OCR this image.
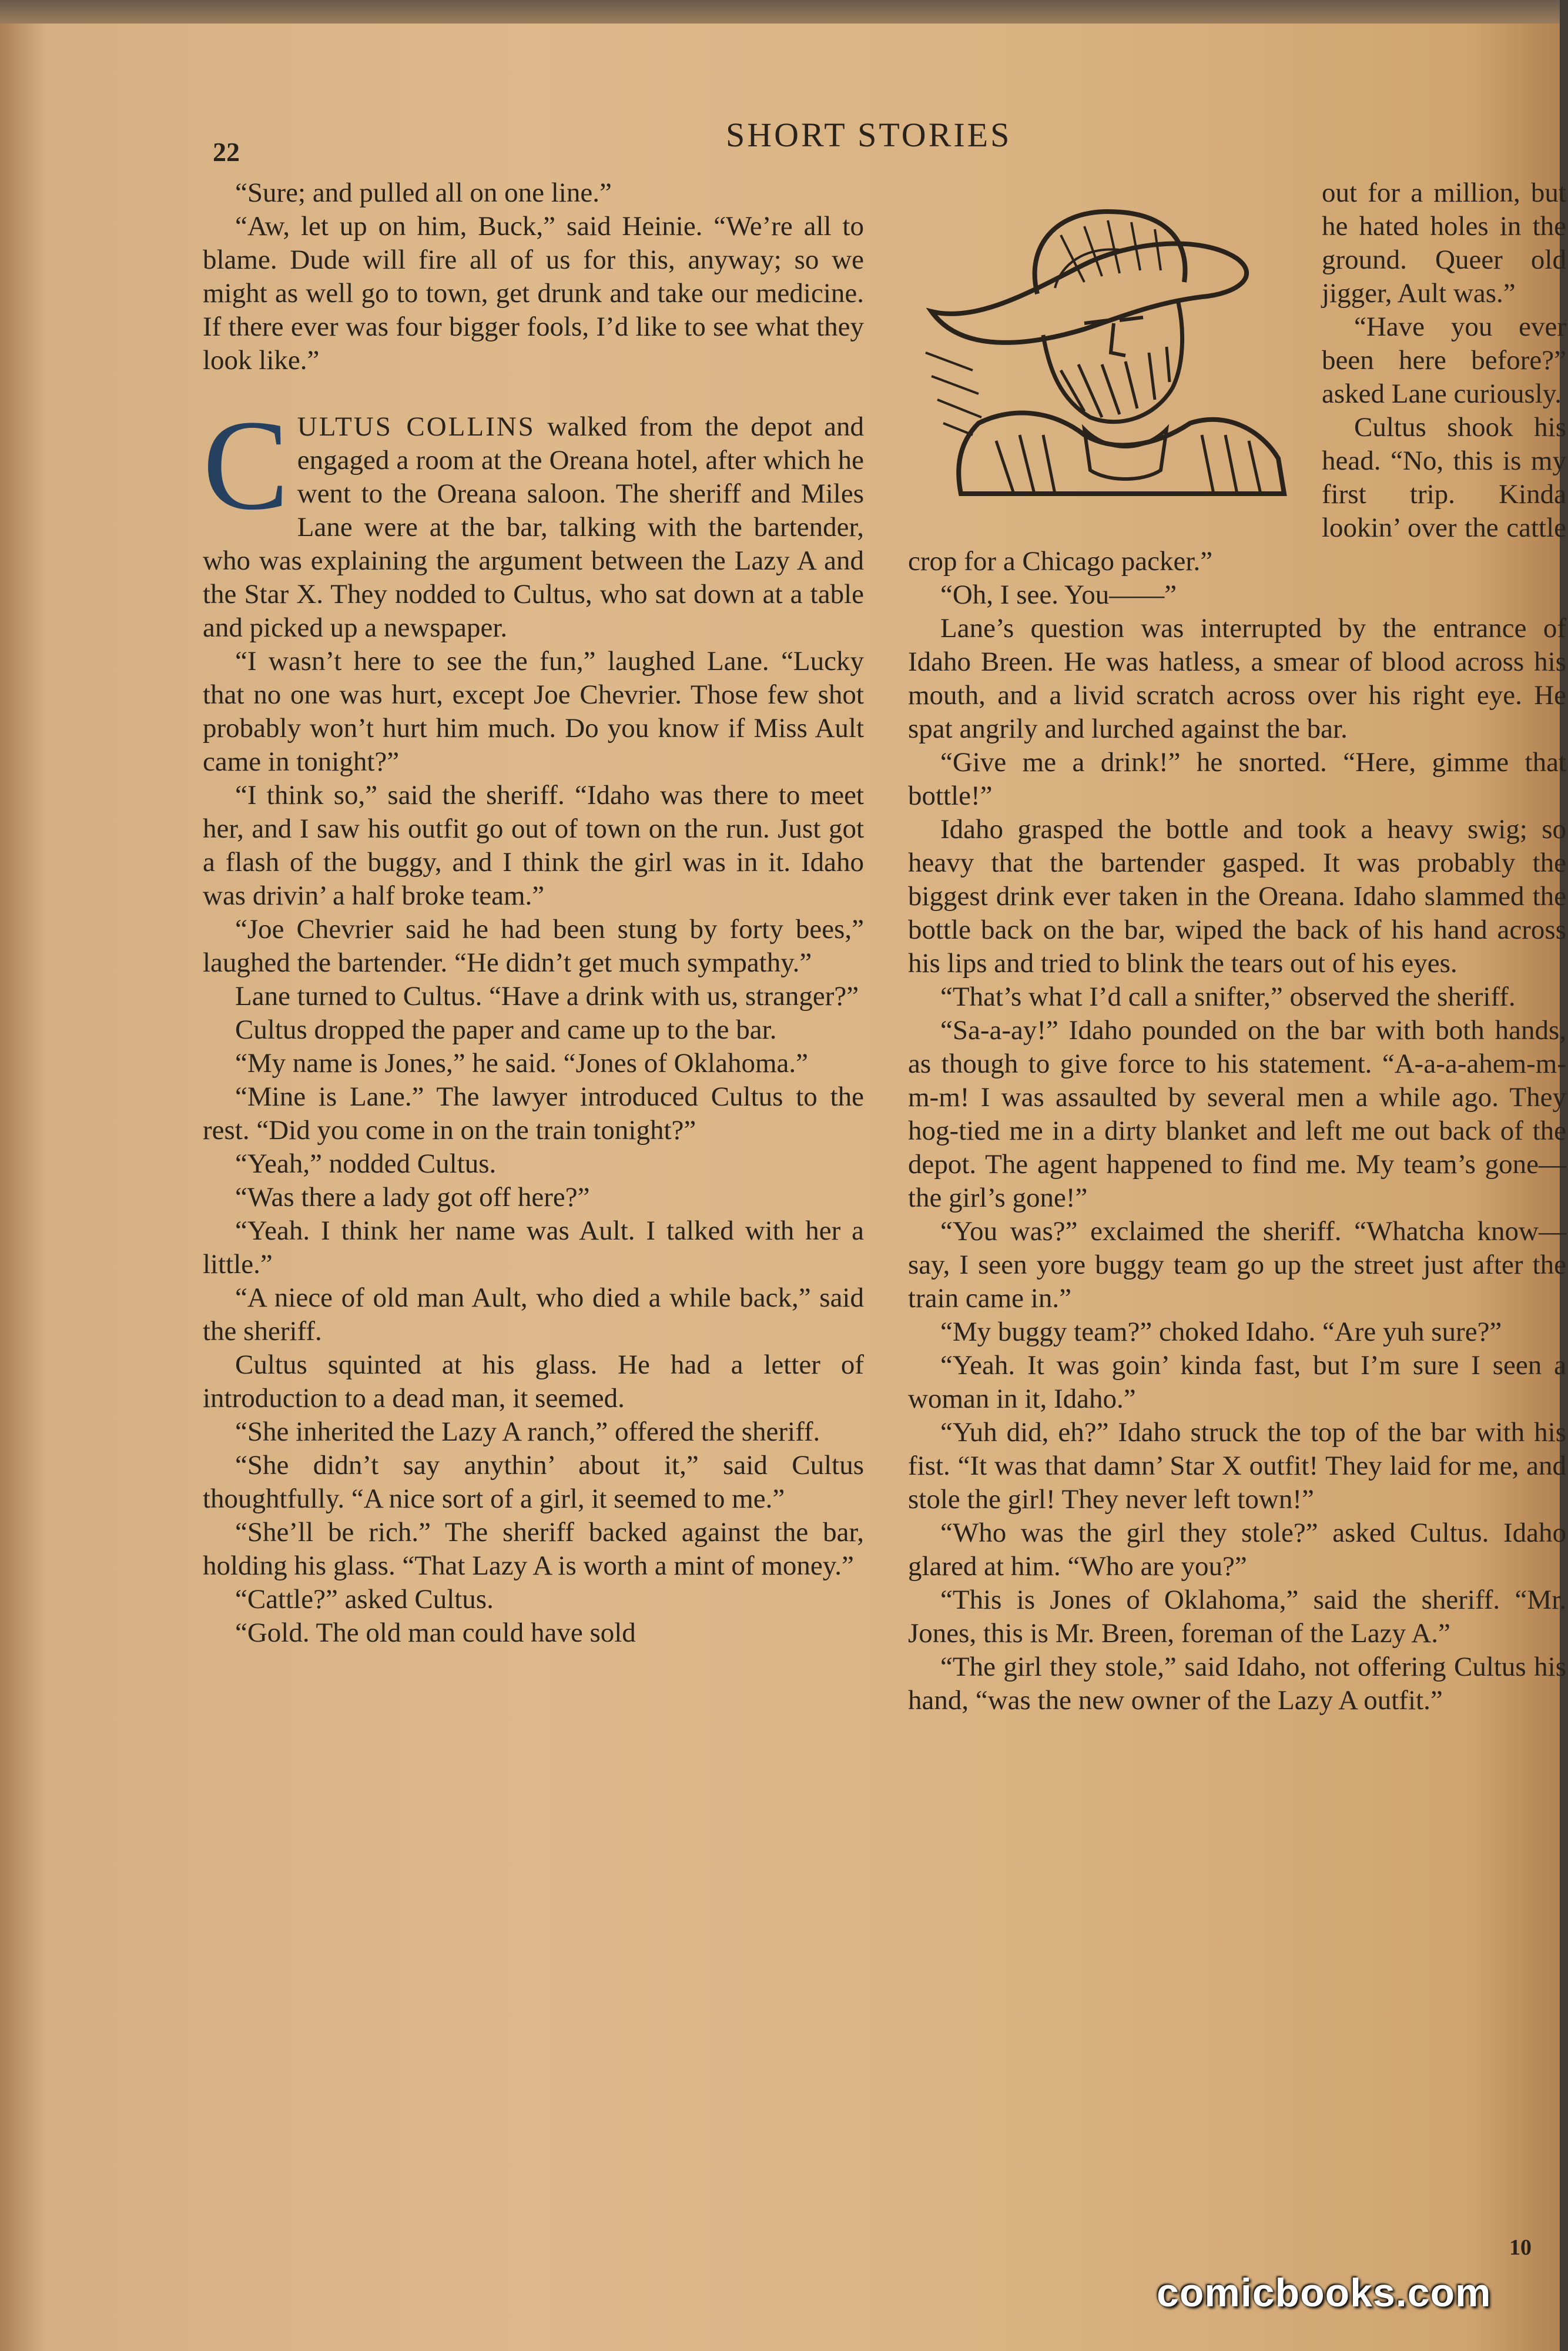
22	SHORT STORIES

“Sure; and pulled all on one line.”

“Aw, let up on him, Buck,” said Heinie. “We’re all to blame. Dude will fire all of us for this, anyway; so we might as well go to town, get drunk and take our medicine. If there ever was four bigger fools, I’d like to see what they look like.”

CULTUS COLLINS walked from the depot and engaged a room at the Oreana hotel, after which he went to the Oreana saloon. The sheriff and Miles Lane were at the bar, talking with the bartender, who was explaining the argument between the Lazy A and the Star X. They nodded to Cultus, who sat down at a table and picked up a newspaper.

“I wasn’t here to see the fun,” laughed Lane. “Lucky that no one was hurt, except Joe Chevrier. Those few shot probably won’t hurt him much. Do you know if Miss Ault came in tonight?”

“I think so,” said the sheriff. “Idaho was there to meet her, and I saw his outfit go out of town on the run. Just got a flash of the buggy, and I think the girl was in it. Idaho was drivin’ a half broke team.”

“Joe Chevrier said he had been stung by forty bees,” laughed the bartender. “He didn’t get much sympathy.”

Lane turned to Cultus. “Have a drink with us, stranger?”

Cultus dropped the paper and came up to the bar.

“My name is Jones,” he said. “Jones of Oklahoma.”

“Mine is Lane.” The lawyer introduced Cultus to the rest. “Did you come in on the train tonight?”

“Yeah,” nodded Cultus.

“Was there a lady got off here?”

“Yeah. I think her name was Ault. I talked with her a little.”

“A niece of old man Ault, who died a while back,” said the sheriff.

Cultus squinted at his glass. He had a letter of introduction to a dead man, it seemed.

“She inherited the Lazy A ranch,” offered the sheriff.

“She didn’t say anythin’ about it,” said Cultus thoughtfully. “A nice sort of a girl, it seemed to me.”

“She’ll be rich.” The sheriff backed against the bar, holding his glass. “That Lazy A is worth a mint of money.”

“Cattle?” asked Cultus.

“Gold. The old man could have sold

out for a million, but he hated holes in the ground. Queer old jigger, Ault was.”

“Have you ever been here before?” asked Lane curiously.

Cultus shook his head. “No, this is my first trip. Kinda lookin’ over the cattle crop for a Chicago packer.”

“Oh, I see. You——”

Lane’s question was interrupted by the entrance of Idaho Breen. He was hatless, a smear of blood across his mouth, and a livid scratch across over his right eye. He spat angrily and lurched against the bar.

“Give me a drink!” he snorted. “Here, gimme that bottle!”

Idaho grasped the bottle and took a heavy swig; so heavy that the bartender gasped. It was probably the biggest drink ever taken in the Oreana. Idaho slammed the bottle back on the bar, wiped the back of his hand across his lips and tried to blink the tears out of his eyes.

“That’s what I’d call a snifter,” observed the sheriff.

“Sa-a-ay!” Idaho pounded on the bar with both hands, as though to give force to his statement. “A-a-a-ahem-m-m-m! I was assaulted by several men a while ago. They hog-tied me in a dirty blanket and left me out back of the depot. The agent happened to find me. My team’s gone—the girl’s gone!”

“You was?” exclaimed the sheriff. “Whatcha know—say, I seen yore buggy team go up the street just after the train came in.”

“My buggy team?” choked Idaho. “Are yuh sure?”

“Yeah. It was goin’ kinda fast, but I’m sure I seen a woman in it, Idaho.”

“Yuh did, eh?” Idaho struck the top of the bar with his fist. “It was that damn’ Star X outfit! They laid for me, and stole the girl! They never left town!”

“Who was the girl they stole?” asked Cultus. Idaho glared at him. “Who are you?”

“This is Jones of Oklahoma,” said the sheriff. “Mr. Jones, this is Mr. Breen, foreman of the Lazy A.”

“The girl they stole,” said Idaho, not offering Cultus his hand, “was the new owner of the Lazy A outfit.”

10
comicbooks.com
